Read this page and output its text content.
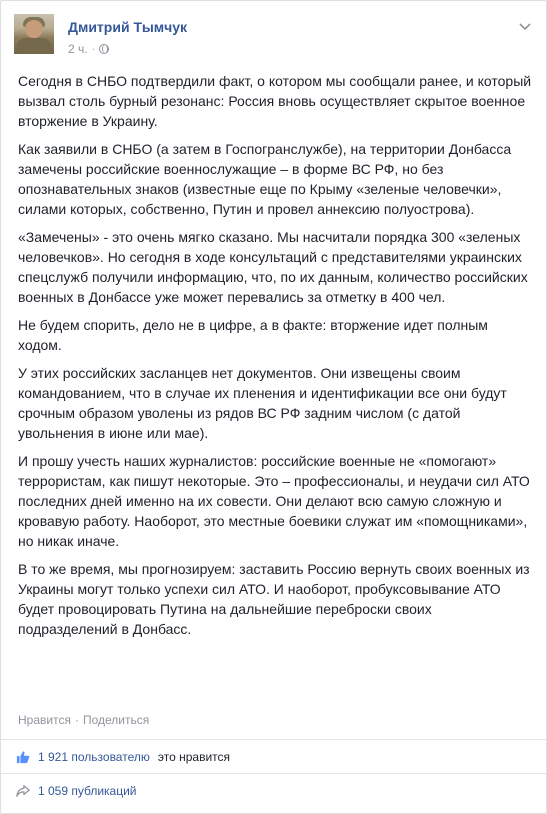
Дмитрий Тымчук
2 ч. ·

Сегодня в СНБО подтвердили факт, о котором мы сообщали ранее, и который вызвал столь бурный резонанс: Россия вновь осуществляет скрытое военное вторжение в Украину.

Как заявили в СНБО (а затем в Госпогранслужбе), на территории Донбасса замечены российские военнослужащие – в форме ВС РФ, но без опознавательных знаков (известные еще по Крыму «зеленые человечки», силами которых, собственно, Путин и провел аннексию полуострова).

«Замечены» - это очень мягко сказано. Мы насчитали порядка 300 «зеленых человечков». Но сегодня в ходе консультаций с представителями украинских спецслужб получили информацию, что, по их данным, количество российских военных в Донбассе уже может перевались за отметку в 400 чел.

Не будем спорить, дело не в цифре, а в факте: вторжение идет полным ходом.

У этих российских засланцев нет документов. Они извещены своим командованием, что в случае их пленения и идентификации все они будут срочным образом уволены из рядов ВС РФ задним числом (с датой увольнения в июне или мае).

И прошу учесть наших журналистов: российские военные не «помогают» террористам, как пишут некоторые. Это – профессионалы, и неудачи сил АТО последних дней именно на их совести. Они делают всю самую сложную и кровавую работу. Наоборот, это местные боевики служат им «помощниками», но никак иначе.

В то же время, мы прогнозируем: заставить Россию вернуть своих военных из Украины могут только успехи сил АТО. И наоборот, пробуксовывание АТО будет провоцировать Путина на дальнейшие переброски своих подразделений в Донбасс.

Нравится · Поделиться
1 921 пользователю это нравится
1 059 публикаций
